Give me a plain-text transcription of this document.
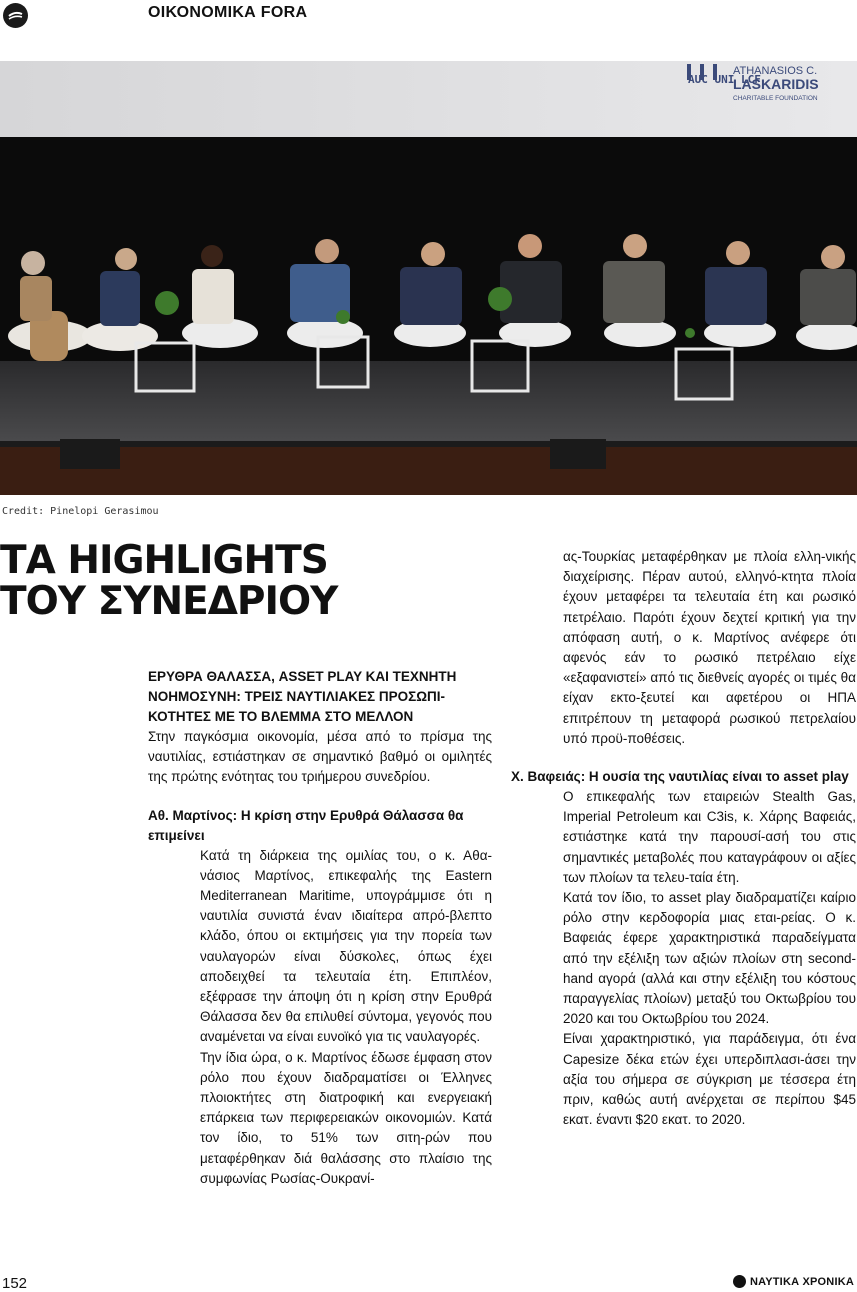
ΟΙΚΟΝΟΜΙΚΑ FORA
AUC UNI LCF
ATHANASIOS C.
LASKARIDIS
CHARITABLE FOUNDATION
Credit: Pinelopi Gerasimou
ΤΑ HIGHLIGHTS
ΤΟΥ ΣΥΝΕΔΡΙΟΥ

ΕΡΥΘΡΑ ΘΑΛΑΣΣΑ, ASSET PLAY ΚΑΙ ΤΕΧΝΗΤΗ ΝΟΗΜΟΣΥΝΗ: ΤΡΕΙΣ ΝΑΥΤΙΛΙΑΚΕΣ ΠΡΟΣΩΠΙ-ΚΟΤΗΤΕΣ ΜΕ ΤΟ ΒΛΕΜΜΑ ΣΤΟ ΜΕΛΛΟΝ

Στην παγκόσμια οικονομία, μέσα από το πρίσμα της ναυτιλίας, εστιάστηκαν σε σημαντικό βαθμό οι ομιλητές της πρώτης ενότητας του τριήμερου συνεδρίου.

Αθ. Μαρτίνος: Η κρίση στην Ερυθρά Θάλασσα θα επιμείνει

Κατά τη διάρκεια της ομιλίας του, ο κ. Αθα-νάσιος Μαρτίνος, επικεφαλής της Eastern Mediterranean Maritime, υπογράμμισε ότι η ναυτιλία συνιστά έναν ιδιαίτερα απρό-βλεπτο κλάδο, όπου οι εκτιμήσεις για την πορεία των ναυλαγορών είναι δύσκολες, όπως έχει αποδειχθεί τα τελευταία έτη. Επιπλέον, εξέφρασε την άποψη ότι η κρίση στην Ερυθρά Θάλασσα δεν θα επιλυθεί σύντομα, γεγονός που αναμένεται να είναι ευνοϊκό για τις ναυλαγορές.

Την ίδια ώρα, ο κ. Μαρτίνος έδωσε έμφαση στον ρόλο που έχουν διαδραματίσει οι Έλληνες πλοιοκτήτες στη διατροφική και ενεργειακή επάρκεια των περιφερειακών οικονομιών. Κατά τον ίδιο, το 51% των σιτη-ρών που μεταφέρθηκαν διά θαλάσσης στο πλαίσιο της συμφωνίας Ρωσίας-Ουκρανί-

ας-Τουρκίας μεταφέρθηκαν με πλοία ελλη-νικής διαχείρισης. Πέραν αυτού, ελληνό-κτητα πλοία έχουν μεταφέρει τα τελευταία έτη και ρωσικό πετρέλαιο. Παρότι έχουν δεχτεί κριτική για την απόφαση αυτή, ο κ. Μαρτίνος ανέφερε ότι αφενός εάν το ρωσικό πετρέλαιο είχε «εξαφανιστεί» από τις διεθνείς αγορές οι τιμές θα είχαν εκτο-ξευτεί και αφετέρου οι ΗΠΑ επιτρέπουν τη μεταφορά ρωσικού πετρελαίου υπό προϋ-ποθέσεις.

Χ. Βαφειάς: Η ουσία της ναυτιλίας είναι το asset play

Ο επικεφαλής των εταιρειών Stealth Gas, Imperial Petroleum και C3is, κ. Χάρης Βαφειάς, εστιάστηκε κατά την παρουσί-ασή του στις σημαντικές μεταβολές που καταγράφουν οι αξίες των πλοίων τα τελευ-ταία έτη.

Κατά τον ίδιο, το asset play διαδραματίζει καίριο ρόλο στην κερδοφορία μιας εται-ρείας. Ο κ. Βαφειάς έφερε χαρακτηριστικά παραδείγματα από την εξέλιξη των αξιών πλοίων στη second-hand αγορά (αλλά και στην εξέλιξη του κόστους παραγγελίας πλοίων) μεταξύ του Οκτωβρίου του 2020 και του Οκτωβρίου του 2024.

Είναι χαρακτηριστικό, για παράδειγμα, ότι ένα Capesize δέκα ετών έχει υπερδιπλασι-άσει την αξία του σήμερα σε σύγκριση με τέσσερα έτη πριν, καθώς αυτή ανέρχεται σε περίπου $45 εκατ. έναντι $20 εκατ. το 2020.

152	ΝΑΥΤΙΚΑ ΧΡΟΝΙΚΑ
